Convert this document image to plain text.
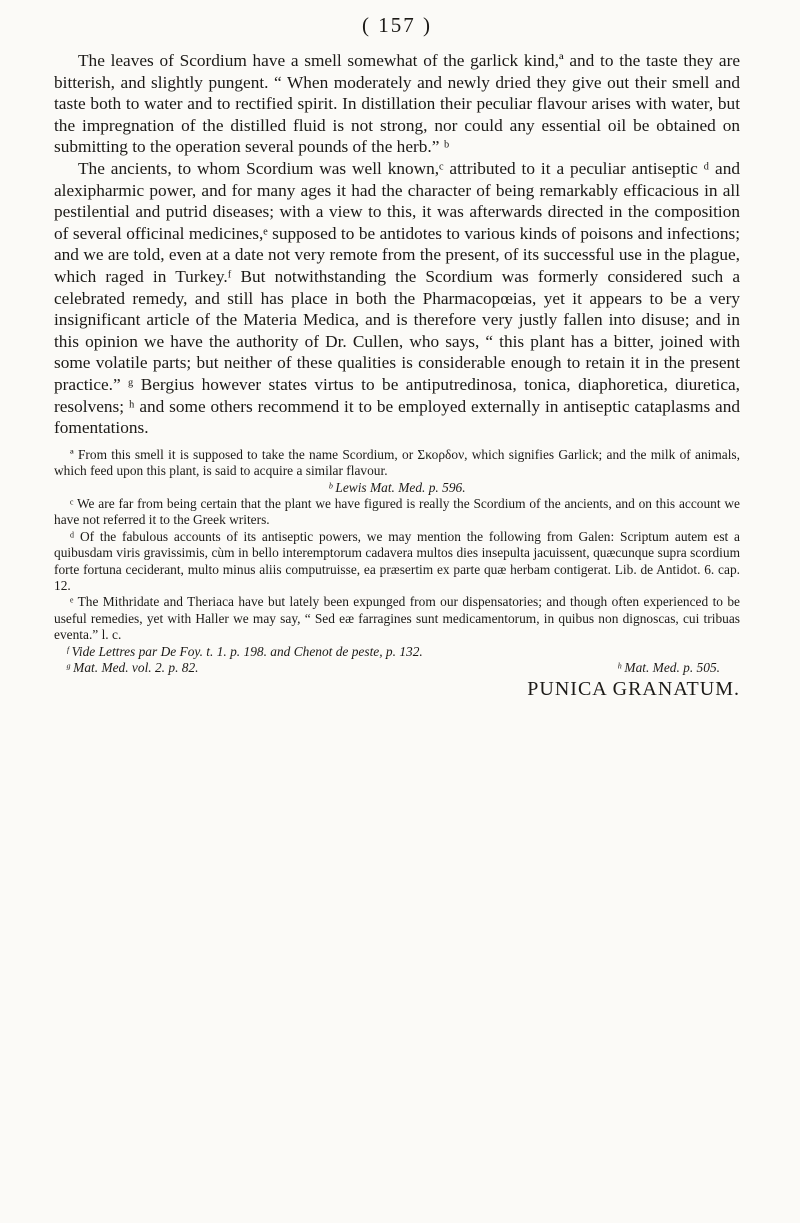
( 157 )

The leaves of Scordium have a smell somewhat of the garlick kind,ª and to the taste they are bitterish, and slightly pungent. “ When moderately and newly dried they give out their smell and taste both to water and to rectified spirit. In distillation their peculiar flavour arises with water, but the impregnation of the distilled fluid is not strong, nor could any essential oil be obtained on submitting to the operation several pounds of the herb.” ᵇ

The ancients, to whom Scordium was well known,ᶜ attributed to it a peculiar antiseptic ᵈ and alexipharmic power, and for many ages it had the character of being remarkably efficacious in all pestilential and putrid diseases; with a view to this, it was afterwards directed in the composition of several officinal medicines,ᵉ supposed to be antidotes to various kinds of poisons and infections; and we are told, even at a date not very remote from the present, of its successful use in the plague, which raged in Turkey.ᶠ But notwithstanding the Scordium was formerly considered such a celebrated remedy, and still has place in both the Pharmacopœias, yet it appears to be a very insignificant article of the Materia Medica, and is therefore very justly fallen into disuse; and in this opinion we have the authority of Dr. Cullen, who says, “ this plant has a bitter, joined with some volatile parts; but neither of these qualities is considerable enough to retain it in the present practice.” ᵍ Bergius however states virtus to be antiputredinosa, tonica, diaphoretica, diuretica, resolvens; ʰ and some others recommend it to be employed externally in antiseptic cataplasms and fomentations.

ª From this smell it is supposed to take the name Scordium, or Σκορδον, which signifies Garlick; and the milk of animals, which feed upon this plant, is said to acquire a similar flavour.

ᵇ Lewis Mat. Med. p. 596.

ᶜ We are far from being certain that the plant we have figured is really the Scordium of the ancients, and on this account we have not referred it to the Greek writers.

ᵈ Of the fabulous accounts of its antiseptic powers, we may mention the following from Galen: Scriptum autem est a quibusdam viris gravissimis, cùm in bello interemptorum cadavera multos dies insepulta jacuissent, quæcunque supra scordium forte fortuna ceciderant, multo minus aliis computruisse, ea præsertim ex parte quæ herbam contigerat. Lib. de Antidot. 6. cap. 12.

ᵉ The Mithridate and Theriaca have but lately been expunged from our dispensatories; and though often experienced to be useful remedies, yet with Haller we may say, “ Sed eæ farragines sunt medicamentorum, in quibus non dignoscas, cui tribuas eventa.” l. c.

ᶠ Vide Lettres par De Foy. t. 1. p. 198. and Chenot de peste, p. 132.
ᵍ Mat. Med. vol. 2. p. 82.	ʰ Mat. Med. p. 505.
PUNICA GRANATUM.
